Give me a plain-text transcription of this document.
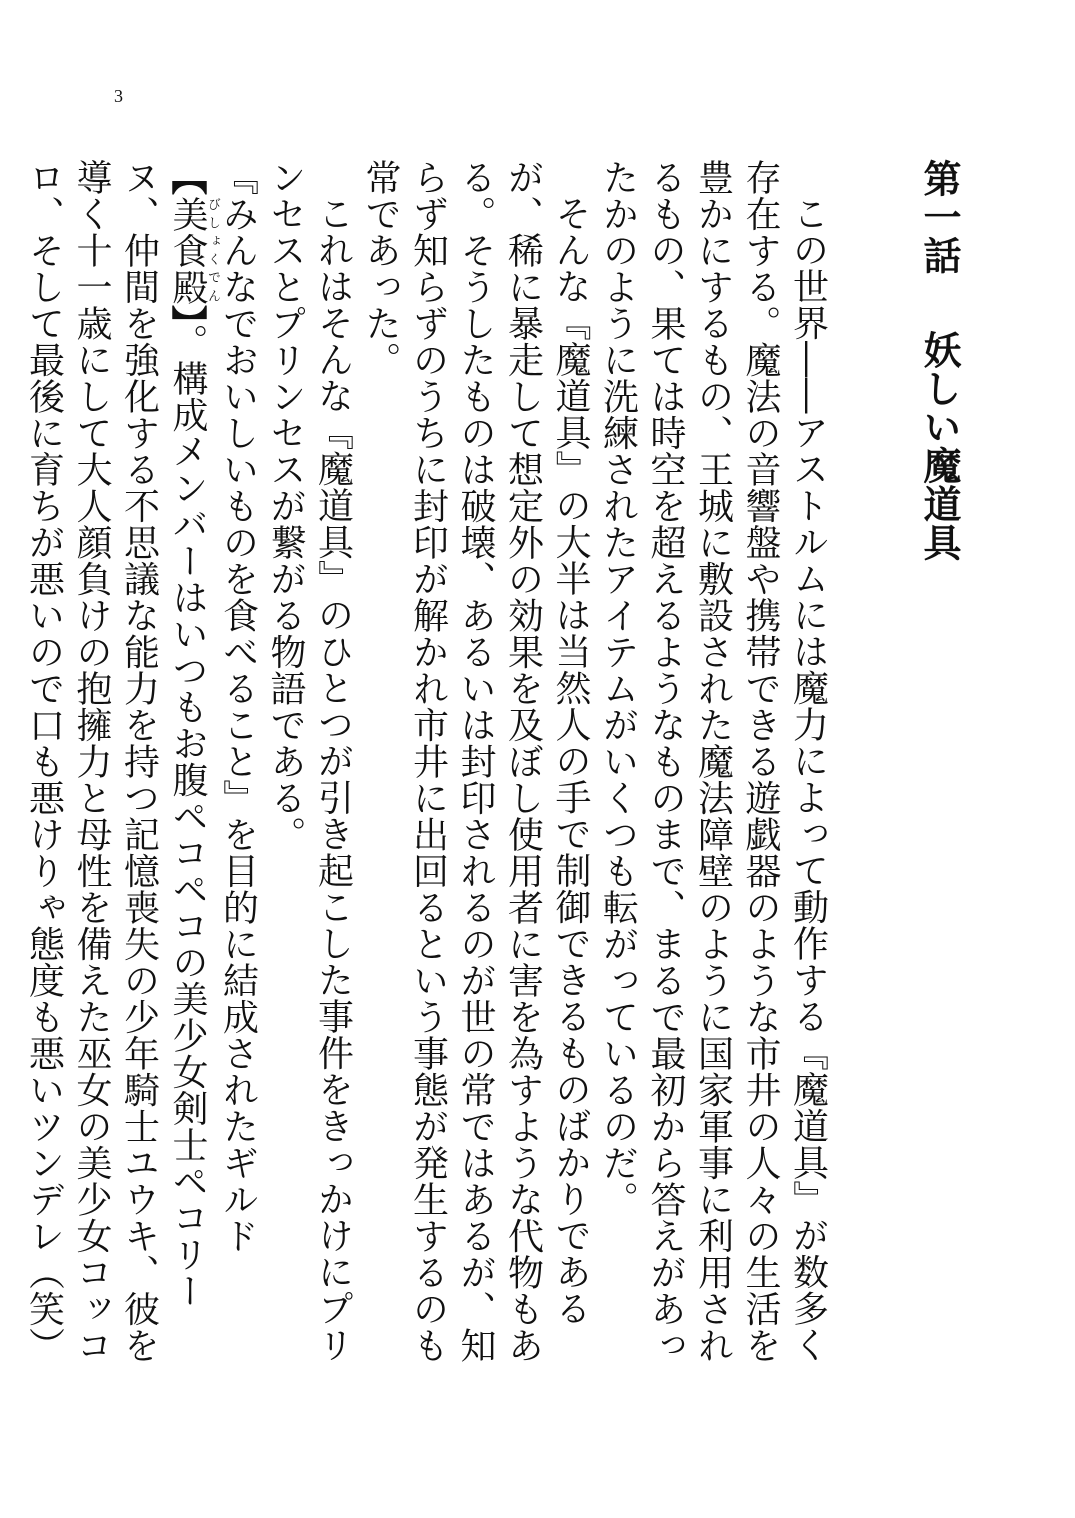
3
第一話妖しい魔道具

この世界――アストルムには魔力によって動作する『魔道具』が数多く存在する。魔法の音響盤や携帯できる遊戯器のような市井の人々の生活を豊かにするもの、王城に敷設された魔法障壁のように国家軍事に利用されるもの、果ては時空を超えるようなものまで、まるで最初から答えがあったかのように洗練されたアイテムがいくつも転がっているのだ。

そんな『魔道具』の大半は当然人の手で制御できるものばかりであるが、稀に暴走して想定外の効果を及ぼし使用者に害を為すような代物もある。そうしたものは破壊、あるいは封印されるのが世の常ではあるが、知らず知らずのうちに封印が解かれ市井に出回るという事態が発生するのも常であった。

これはそんな『魔道具』のひとつが引き起こした事件をきっかけにプリンセスとプリンセスが繋がる物語である。

『みんなでおいしいものを食べること』を目的に結成されたギルド【美食殿びしょくでん】。構成メンバーはいつもお腹ペコペコの美少女剣士ペコリーヌ、仲間を強化する不思議な能力を持つ記憶喪失の少年騎士ユウキ、彼を導く十一歳にして大人顔負けの抱擁力と母性を備えた巫女の美少女コッコロ、そして最後に育ちが悪いので口も悪けりゃ態度も悪いツンデレ（笑）
